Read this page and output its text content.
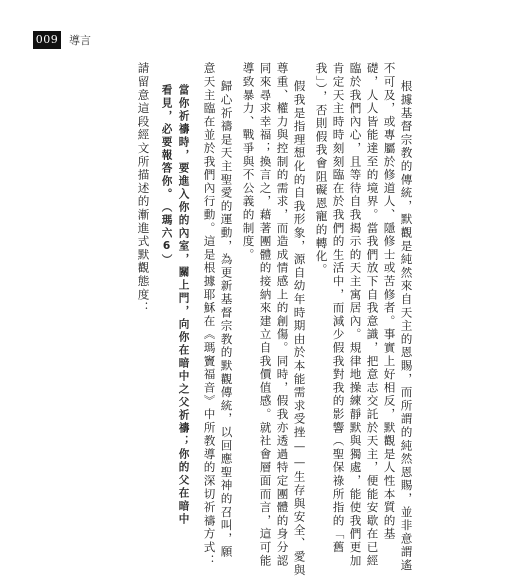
009 導言
根據基督宗教的傳統，默觀是純然來自天主的恩賜，而所謂的純然恩賜，並非意謂遙
不可及，或專屬於修道人、隱修士或苦修者。事實上好相反，默觀是人性本質的基
礎，人人皆能達至的境界。當我們放下自我意識，把意志交託於天主，便能安歇在已經
臨於我們內心，且等待自我揭示的天主寓居內。規律地操練靜默與獨處，能使我們更加
肯定天主時時刻刻臨在於我們的生活中，而減少假我對我的影響（聖保祿所指的「舊
我」），否則假我會阻礙恩寵的轉化。
假我是指理想化的自我形象，源自幼年時期由於本能需求受挫——生存與安全、愛與
尊重、權力與控制的需求，而造成情感上的創傷。同時，假我亦透過特定團體的身分認
同來尋求幸福；換言之，藉著團體的接納來建立自我價值感。就社會層面而言，這可能
導致暴力、戰爭與不公義的制度。
歸心祈禱是天主聖愛的運動，為更新基督宗教的默觀傳統，以回應聖神的召叫，願
意天主臨在並於我們內行動。這是根據耶穌在《瑪竇福音》中所教導的深切祈禱方式：
當你祈禱時，要進入你的內室，關上門，向你在暗中之父祈禱；你的父在暗中
看見，必要報答你。（瑪六6）
請留意這段經文所描述的漸進式默觀態度：
